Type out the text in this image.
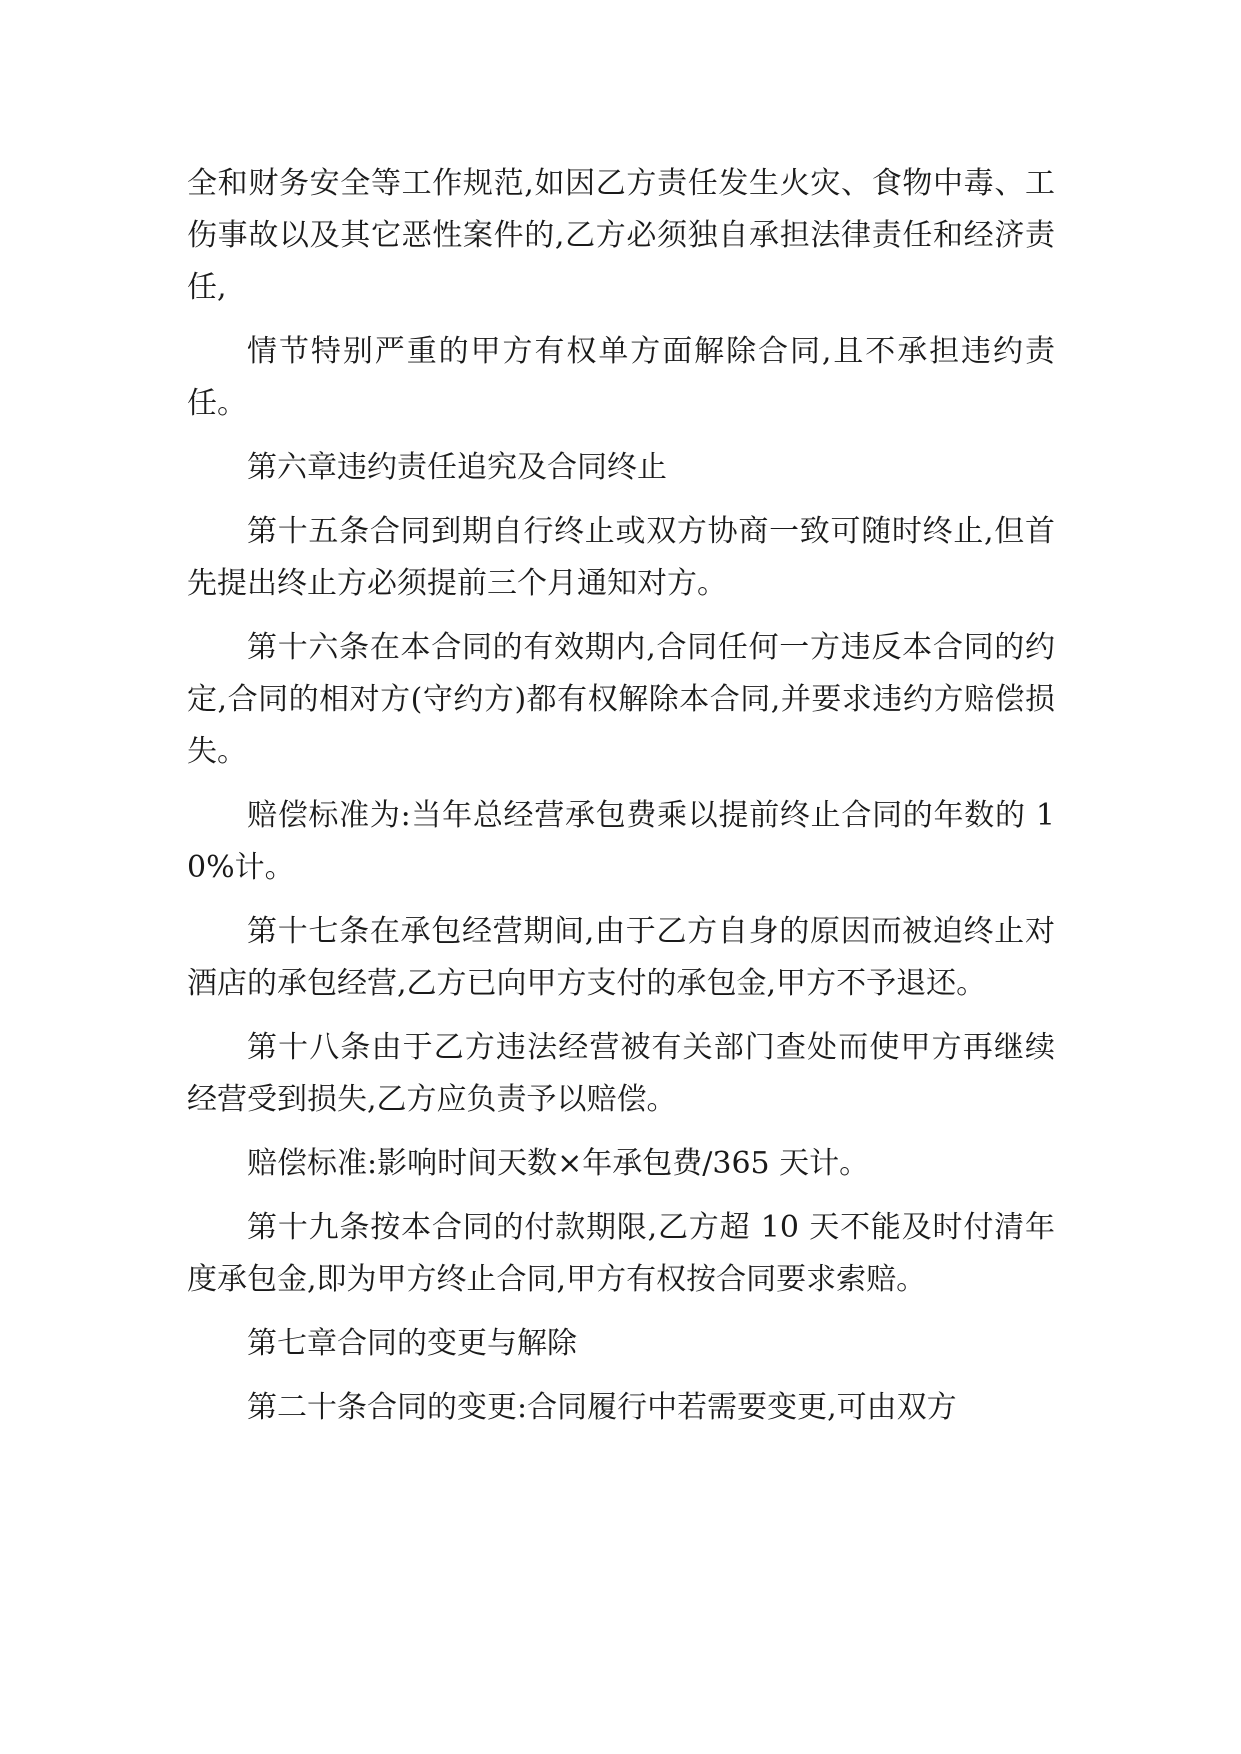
全和财务安全等工作规范,如因乙方责任发生火灾、食物中毒、工伤事故以及其它恶性案件的,乙方必须独自承担法律责任和经济责任,

情节特别严重的甲方有权单方面解除合同,且不承担违约责任。

第六章违约责任追究及合同终止

第十五条合同到期自行终止或双方协商一致可随时终止,但首先提出终止方必须提前三个月通知对方。

第十六条在本合同的有效期内,合同任何一方违反本合同的约定,合同的相对方(守约方)都有权解除本合同,并要求违约方赔偿损失。

赔偿标准为:当年总经营承包费乘以提前终止合同的年数的 10%计。

第十七条在承包经营期间,由于乙方自身的原因而被迫终止对酒店的承包经营,乙方已向甲方支付的承包金,甲方不予退还。

第十八条由于乙方违法经营被有关部门查处而使甲方再继续经营受到损失,乙方应负责予以赔偿。

赔偿标准:影响时间天数×年承包费/365 天计。

第十九条按本合同的付款期限,乙方超 10 天不能及时付清年度承包金,即为甲方终止合同,甲方有权按合同要求索赔。

第七章合同的变更与解除

第二十条合同的变更:合同履行中若需要变更,可由双方
